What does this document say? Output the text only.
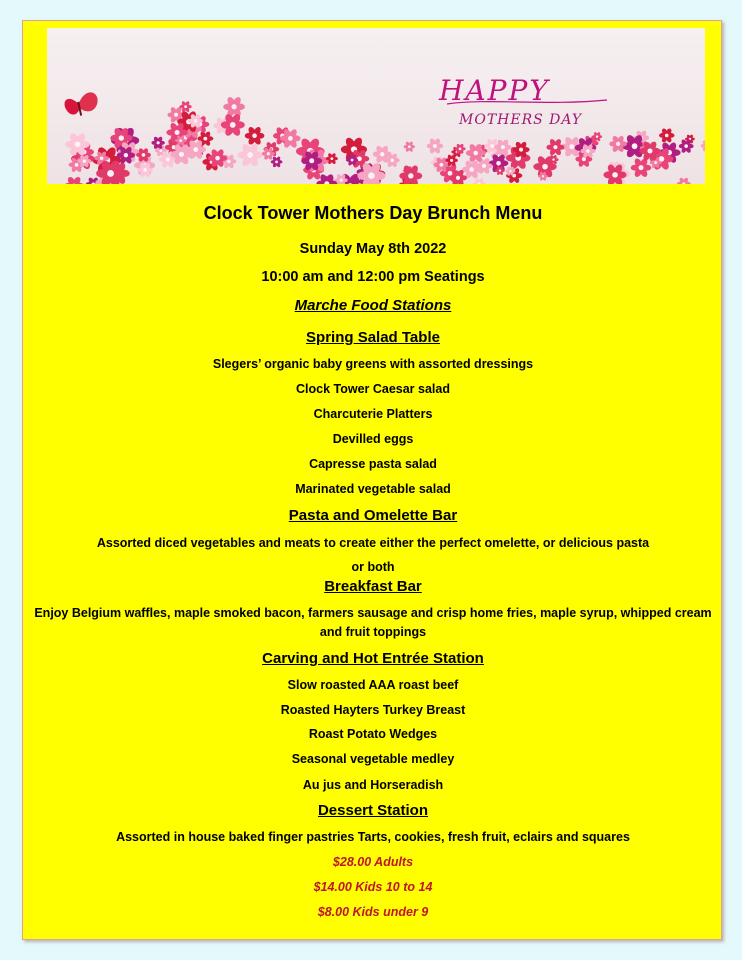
HAPPY
MOTHERS DAY
Clock Tower Mothers Day Brunch Menu
Sunday May 8th 2022
10:00 am and 12:00 pm Seatings
Marche Food Stations
Spring Salad Table
Slegers’ organic baby greens with assorted dressings
Clock Tower Caesar salad
Charcuterie Platters
Devilled eggs
Capresse pasta salad
Marinated vegetable salad
Pasta and Omelette Bar
Assorted diced vegetables and meats to create either the perfect omelette, or delicious pasta
or both
Breakfast Bar
Enjoy Belgium waffles, maple smoked bacon, farmers sausage and crisp home fries, maple syrup, whipped cream
and fruit toppings
Carving and Hot Entrée Station
Slow roasted AAA roast beef
Roasted Hayters Turkey Breast
Roast Potato Wedges
Seasonal vegetable medley
Au jus and Horseradish
Dessert Station
Assorted in house baked finger pastries Tarts, cookies, fresh fruit, eclairs and squares
$28.00 Adults
$14.00 Kids 10 to 14
$8.00 Kids under 9
